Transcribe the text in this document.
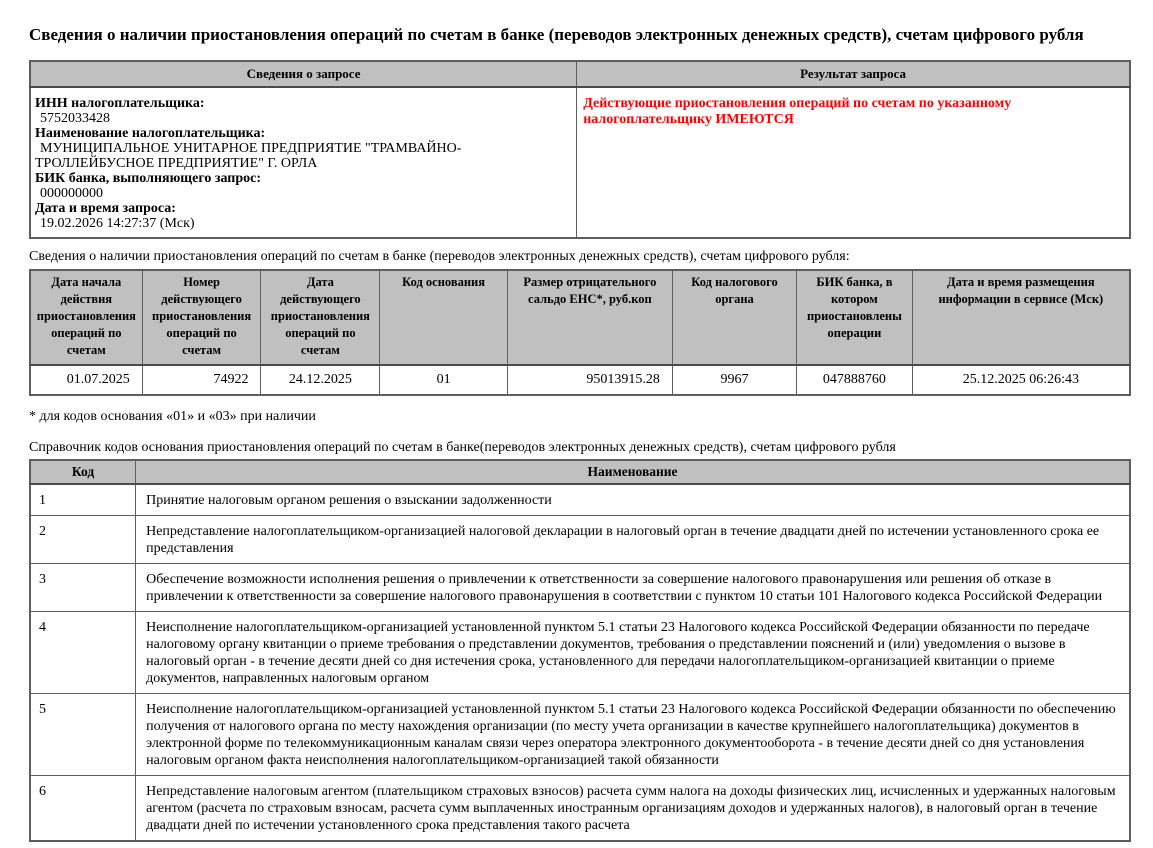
Сведения о наличии приостановления операций по счетам в банке (переводов электронных денежных средств), счетам цифрового рубля
Сведения о запросе	Результат запроса

ИНН налогоплательщика:
5752033428
Наименование налогоплательщика:
МУНИЦИПАЛЬНОЕ УНИТАРНОЕ ПРЕДПРИЯТИЕ "ТРАМВАЙНО-ТРОЛЛЕЙБУСНОЕ ПРЕДПРИЯТИЕ" Г. ОРЛА
БИК банка, выполняющего запрос:
000000000
Дата и время запроса:
19.02.2026 14:27:37 (Мск)

Действующие приостановления операций по счетам по указанному налогоплательщику ИМЕЮТСЯ

Сведения о наличии приостановления операций по счетам в банке (переводов электронных денежных средств), счетам цифрового рубля:

Дата начала действия приостановления операций по счетам	Номер действующего приостановления операций по счетам	Дата действующего приостановления операций по счетам	Код основания	Размер отрицательного сальдо ЕНС*, руб.коп	Код налогового органа	БИК банка, в котором приостановлены операции	Дата и время размещения информации в сервисе (Мск)
01.07.2025	74922	24.12.2025	01	95013915.28	9967	047888760	25.12.2025 06:26:43

* для кодов основания «01» и «03» при наличии

Справочник кодов основания приостановления операций по счетам в банке(переводов электронных денежных средств), счетам цифрового рубля

Код	Наименование
1	Принятие налоговым органом решения о взыскании задолженности
2	Непредставление налогоплательщиком-организацией налоговой декларации в налоговый орган в течение двадцати дней по истечении установленного срока ее представления
3	Обеспечение возможности исполнения решения о привлечении к ответственности за совершение налогового правонарушения или решения об отказе в привлечении к ответственности за совершение налогового правонарушения в соответствии с пунктом 10 статьи 101 Налогового кодекса Российской Федерации
4	Неисполнение налогоплательщиком-организацией установленной пунктом 5.1 статьи 23 Налогового кодекса Российской Федерации обязанности по передаче налоговому органу квитанции о приеме требования о представлении документов, требования о представлении пояснений и (или) уведомления о вызове в налоговый орган - в течение десяти дней со дня истечения срока, установленного для передачи налогоплательщиком-организацией квитанции о приеме документов, направленных налоговым органом
5	Неисполнение налогоплательщиком-организацией установленной пунктом 5.1 статьи 23 Налогового кодекса Российской Федерации обязанности по обеспечению получения от налогового органа по месту нахождения организации (по месту учета организации в качестве крупнейшего налогоплательщика) документов в электронной форме по телекоммуникационным каналам связи через оператора электронного документооборота - в течение десяти дней со дня установления налоговым органом факта неисполнения налогоплательщиком-организацией такой обязанности
6	Непредставление налоговым агентом (плательщиком страховых взносов) расчета сумм налога на доходы физических лиц, исчисленных и удержанных налоговым агентом (расчета по страховым взносам, расчета сумм выплаченных иностранным организациям доходов и удержанных налогов), в налоговый орган в течение двадцати дней по истечении установленного срока представления такого расчета
